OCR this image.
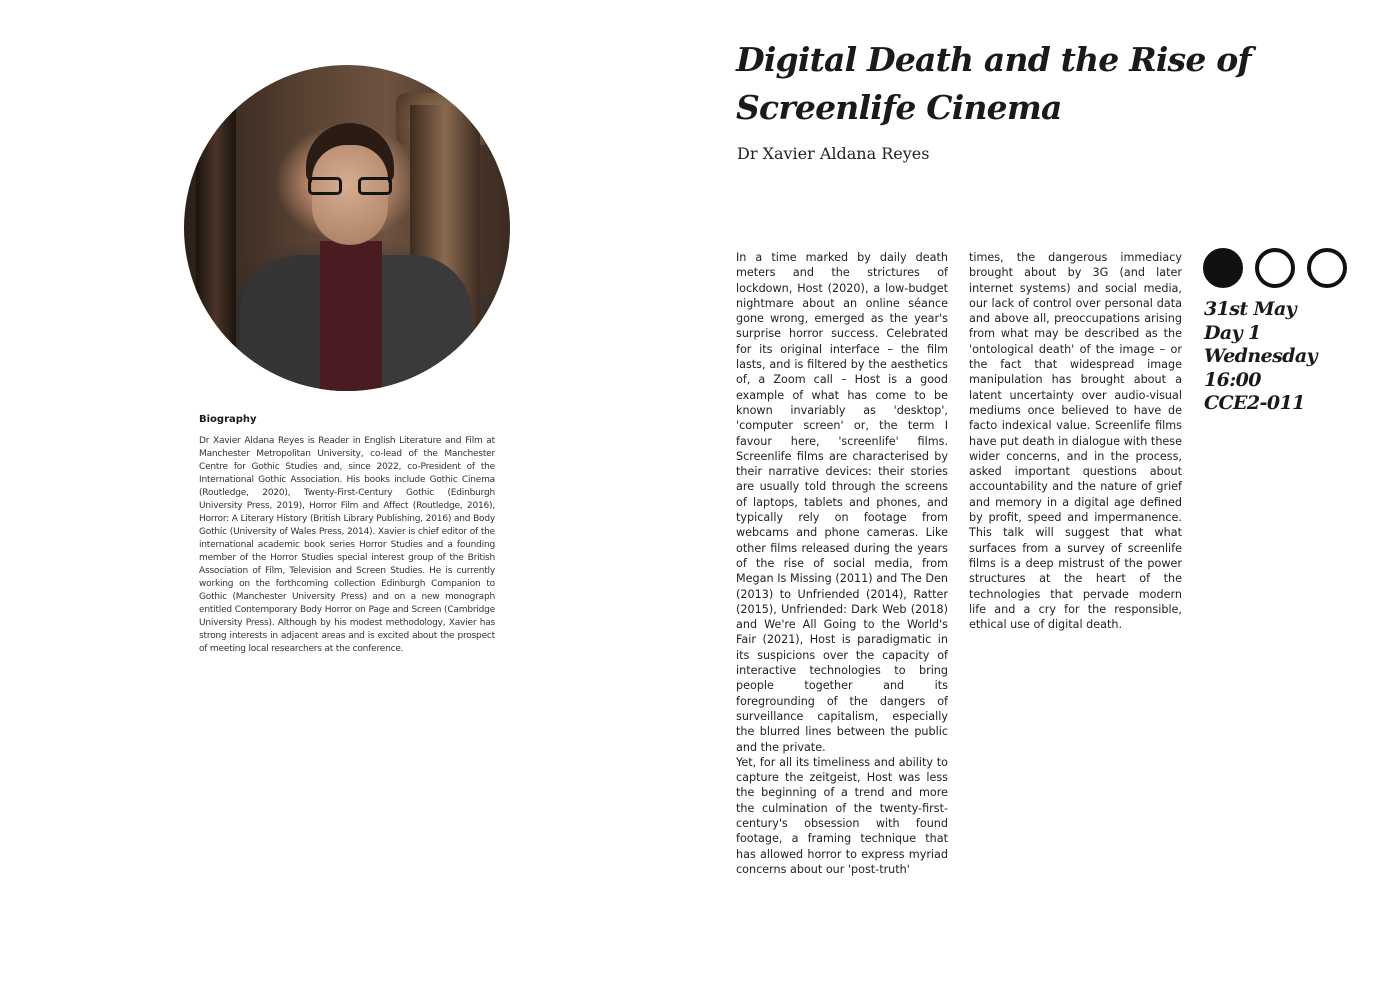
Biography
Dr Xavier Aldana Reyes is Reader in English Literature and Film at Manchester Metropolitan University, co-lead of the Manchester Centre for Gothic Studies and, since 2022, co-President of the International Gothic Association. His books include Gothic Cinema (Routledge, 2020), Twenty-First-Century Gothic (Edinburgh University Press, 2019), Horror Film and Affect (Routledge, 2016), Horror: A Literary History (British Library Publishing, 2016) and Body Gothic (University of Wales Press, 2014). Xavier is chief editor of the international academic book series Horror Studies and a founding member of the Horror Studies special interest group of the British Association of Film, Television and Screen Studies. He is currently working on the forthcoming collection Edinburgh Companion to Gothic (Manchester University Press) and on a new monograph entitled Contemporary Body Horror on Page and Screen (Cambridge University Press). Although by his modest methodology, Xavier has strong interests in adjacent areas and is excited about the prospect of meeting local researchers at the conference.
Digital Death and the Rise of Screenlife Cinema
Dr Xavier Aldana Reyes

In a time marked by daily death meters and the strictures of lockdown, Host (2020), a low-budget nightmare about an online séance gone wrong, emerged as the year's surprise horror success. Celebrated for its original interface – the film lasts, and is filtered by the aesthetics of, a Zoom call – Host is a good example of what has come to be known invariably as 'desktop', 'computer screen' or, the term I favour here, 'screenlife' films. Screenlife films are characterised by their narrative devices: their stories are usually told through the screens of laptops, tablets and phones, and typically rely on footage from webcams and phone cameras. Like other films released during the years of the rise of social media, from Megan Is Missing (2011) and The Den (2013) to Unfriended (2014), Ratter (2015), Unfriended: Dark Web (2018) and We're All Going to the World's Fair (2021), Host is paradigmatic in its suspicions over the capacity of interactive technologies to bring people together and its foregrounding of the dangers of surveillance capitalism, especially the blurred lines between the public and the private.

Yet, for all its timeliness and ability to capture the zeitgeist, Host was less the beginning of a trend and more the culmination of the twenty-first-century's obsession with found footage, a framing technique that has allowed horror to express myriad concerns about our 'post-truth'

times, the dangerous immediacy brought about by 3G (and later internet systems) and social media, our lack of control over personal data and above all, preoccupations arising from what may be described as the 'ontological death' of the image – or the fact that widespread image manipulation has brought about a latent uncertainty over audio-visual mediums once believed to have de facto indexical value. Screenlife films have put death in dialogue with these wider concerns, and in the process, asked important questions about accountability and the nature of grief and memory in a digital age defined by profit, speed and impermanence. This talk will suggest that what surfaces from a survey of screenlife films is a deep mistrust of the power structures at the heart of the technologies that pervade modern life and a cry for the responsible, ethical use of digital death.

31st May
Day 1
Wednesday
16:00
CCE2-011
